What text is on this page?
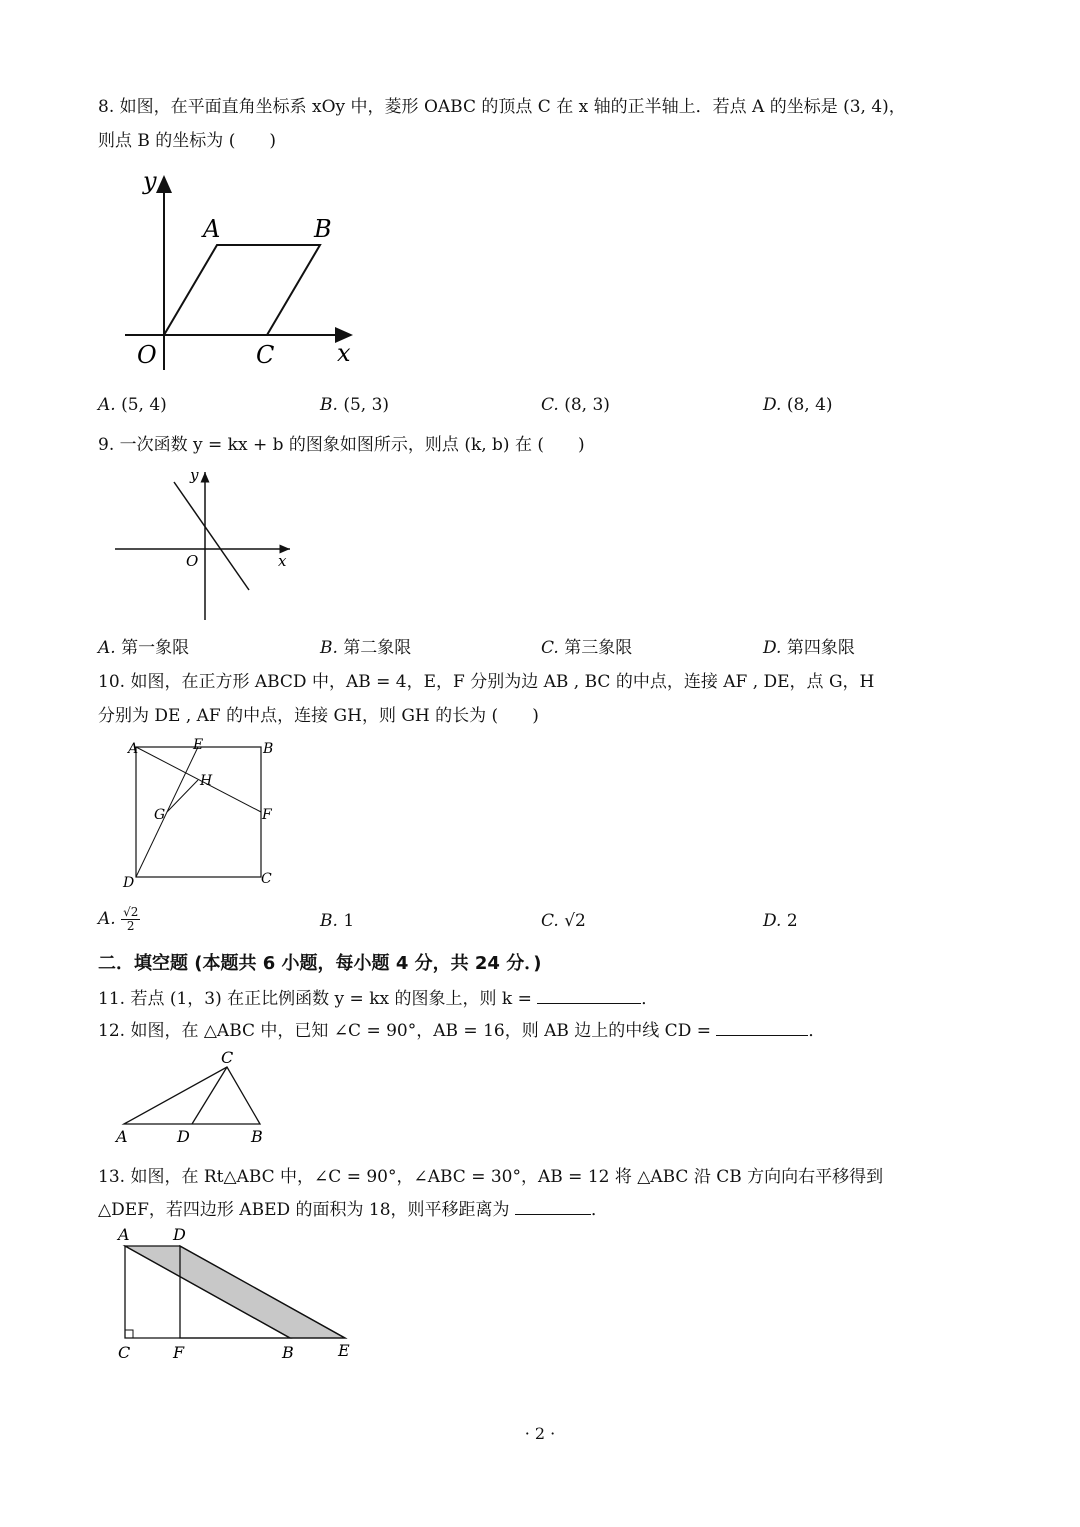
8. 如图，在平面直角坐标系 xOy 中，菱形 OABC 的顶点 C 在 x 轴的正半轴上．若点 A 的坐标是 (3, 4)，
则点 B 的坐标为 (　　)
y
x
O
A	B
C
A. (5, 4)	B. (5, 3)	C. (8, 3)	D. (8, 4)
9. 一次函数 y = kx + b 的图象如图所示，则点 (k, b) 在 (　　)
y
x
O
A. 第一象限	B. 第二象限	C. 第三象限	D. 第四象限
10. 如图，在正方形 ABCD 中，AB = 4，E，F 分别为边 AB , BC 的中点，连接 AF , DE，点 G，H
分别为 DE , AF 的中点，连接 GH，则 GH 的长为 (　　)
A	E	B
H
G	F
D	C
A. $\frac{√2}{2}$	B. 1	C. √2	D. 2
二．填空题 (本题共 6 小题，每小题 4 分，共 24 分．)
11. 若点 (1，3) 在正比例函数 y = kx 的图象上，则 k =	．
12. 如图，在 △ABC 中，已知 ∠C = 90°，AB = 16，则 AB 边上的中线 CD =	．
C
A	D	B
13. 如图，在 Rt△ABC 中，∠C = 90°，∠ABC = 30°，AB = 12 将 △ABC 沿 CB 方向向右平移得到
△DEF，若四边形 ABED 的面积为 18，则平移距离为	．
A	D
C	F	B	E
· 2 ·
